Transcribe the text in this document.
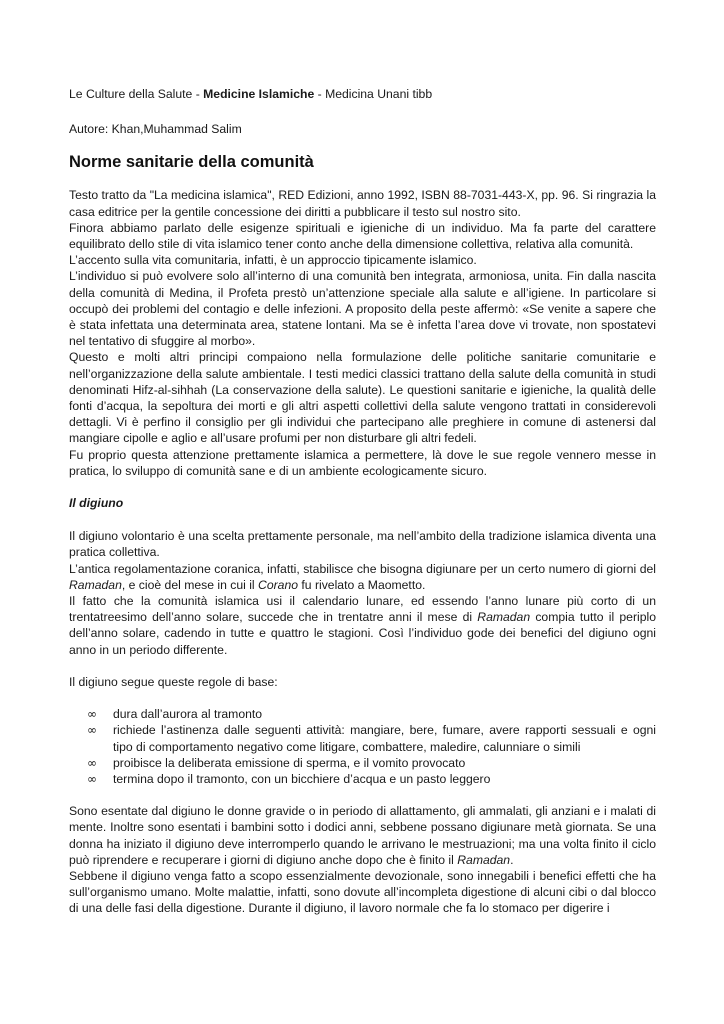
Le Culture della Salute - Medicine Islamiche - Medicina Unani tibb

Autore: Khan,Muhammad Salim

Norme sanitarie della comunità

Testo tratto da "La medicina islamica", RED Edizioni, anno 1992, ISBN 88-7031-443-X, pp. 96. Si ringrazia la casa editrice per la gentile concessione dei diritti a pubblicare il testo sul nostro sito.

Finora abbiamo parlato delle esigenze spirituali e igieniche di un individuo. Ma fa parte del carattere equilibrato dello stile di vita islamico tener conto anche della dimensione collettiva, relativa alla comunità.

L’accento sulla vita comunitaria, infatti, è un approccio tipicamente islamico.

L’individuo si può evolvere solo all’interno di una comunità ben integrata, armoniosa, unita. Fin dalla nascita della comunità di Medina, il Profeta prestò un’attenzione speciale alla salute e all’igiene. In particolare si occupò dei problemi del contagio e delle infezioni. A proposito della peste affermò: «Se venite a sapere che è stata infettata una determinata area, statene lontani. Ma se è infetta l’area dove vi trovate, non spostatevi nel tentativo di sfuggire al morbo».

Questo e molti altri principi compaiono nella formulazione delle politiche sanitarie comunitarie e nell’organizzazione della salute ambientale. I testi medici classici trattano della salute della comunità in studi denominati Hifz-al-sihhah (La conservazione della salute). Le questioni sanitarie e igieniche, la qualità delle fonti d’acqua, la sepoltura dei morti e gli altri aspetti collettivi della salute vengono trattati in considerevoli dettagli. Vi è perfino il consiglio per gli individui che partecipano alle preghiere in comune di astenersi dal mangiare cipolle e aglio e all’usare profumi per non disturbare gli altri fedeli.

Fu proprio questa attenzione prettamente islamica a permettere, là dove le sue regole vennero messe in pratica, lo sviluppo di comunità sane e di un ambiente ecologicamente sicuro.

Il digiuno

Il digiuno volontario è una scelta prettamente personale, ma nell’ambito della tradizione islamica diventa una pratica collettiva.

L’antica regolamentazione coranica, infatti, stabilisce che bisogna digiunare per un certo numero di giorni del Ramadan, e cioè del mese in cui il Corano fu rivelato a Maometto.

Il fatto che la comunità islamica usi il calendario lunare, ed essendo l’anno lunare più corto di un trentatreesimo dell’anno solare, succede che in trentatre anni il mese di Ramadan compia tutto il periplo dell’anno solare, cadendo in tutte e quattro le stagioni. Così l’individuo gode dei benefici del digiuno ogni anno in un periodo differente.

Il digiuno segue queste regole di base:

∞ dura dall’aurora al tramonto
∞ richiede l’astinenza dalle seguenti attività: mangiare, bere, fumare, avere rapporti sessuali e ogni tipo di comportamento negativo come litigare, combattere, maledire, calunniare o simili
∞ proibisce la deliberata emissione di sperma, e il vomito provocato
∞ termina dopo il tramonto, con un bicchiere d’acqua e un pasto leggero

Sono esentate dal digiuno le donne gravide o in periodo di allattamento, gli ammalati, gli anziani e i malati di mente. Inoltre sono esentati i bambini sotto i dodici anni, sebbene possano digiunare metà giornata. Se una donna ha iniziato il digiuno deve interromperlo quando le arrivano le mestruazioni; ma una volta finito il ciclo può riprendere e recuperare i giorni di digiuno anche dopo che è finito il Ramadan.

Sebbene il digiuno venga fatto a scopo essenzialmente devozionale, sono innegabili i benefici effetti che ha sull’organismo umano. Molte malattie, infatti, sono dovute all’incompleta digestione di alcuni cibi o dal blocco di una delle fasi della digestione. Durante il digiuno, il lavoro normale che fa lo stomaco per digerire i
